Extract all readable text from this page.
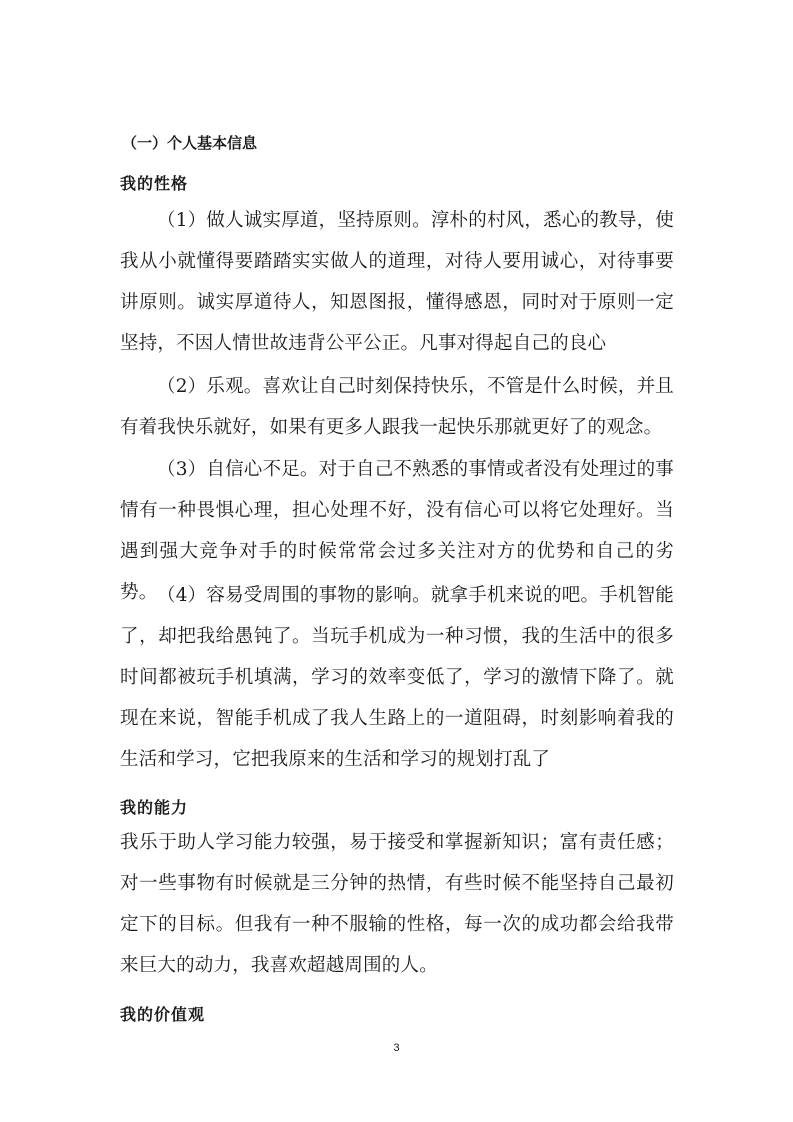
（一）个人基本信息
我的性格

（1）做人诚实厚道，坚持原则。淳朴的村风，悉心的教导，使我从小就懂得要踏踏实实做人的道理，对待人要用诚心，对待事要讲原则。诚实厚道待人，知恩图报，懂得感恩，同时对于原则一定坚持，不因人情世故违背公平公正。凡事对得起自己的良心

（2）乐观。喜欢让自己时刻保持快乐，不管是什么时候，并且有着我快乐就好，如果有更多人跟我一起快乐那就更好了的观念。

（3）自信心不足。对于自己不熟悉的事情或者没有处理过的事情有一种畏惧心理，担心处理不好，没有信心可以将它处理好。当遇到强大竞争对手的时候常常会过多关注对方的优势和自己的劣势。 （4）容易受周围的事物的影响。就拿手机来说的吧。手机智能了，却把我给愚钝了。当玩手机成为一种习惯，我的生活中的很多时间都被玩手机填满，学习的效率变低了，学习的激情下降了。就现在来说，智能手机成了我人生路上的一道阻碍，时刻影响着我的生活和学习，它把我原来的生活和学习的规划打乱了

我的能力

我乐于助人学习能力较强，易于接受和掌握新知识；富有责任感；对一些事物有时候就是三分钟的热情，有些时候不能坚持自己最初定下的目标。但我有一种不服输的性格，每一次的成功都会给我带来巨大的动力，我喜欢超越周围的人。

我的价值观

3
